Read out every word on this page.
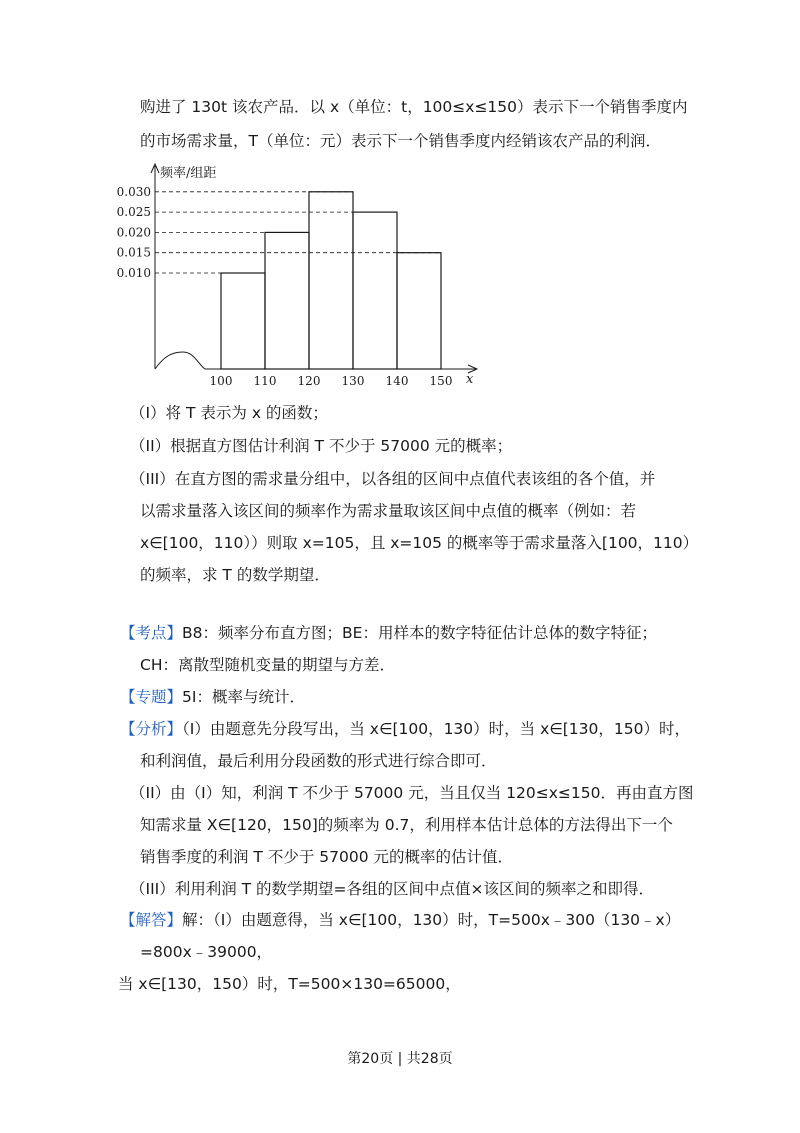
购进了 130t 该农产品．以 x（单位：t，100≤x≤150）表示下一个销售季度内
的市场需求量，T（单位：元）表示下一个销售季度内经销该农产品的利润．
频率/组距
x
0.030
0.025
0.020
0.015
0.010
100 110 120 130 140 150
（I）将 T 表示为 x 的函数；
（II）根据直方图估计利润 T 不少于 57000 元的概率；
（III）在直方图的需求量分组中，以各组的区间中点值代表该组的各个值，并
以需求量落入该区间的频率作为需求量取该区间中点值的概率（例如：若
x∈[100，110））则取 x=105，且 x=105 的概率等于需求量落入[100，110）
的频率，求 T 的数学期望．
【考点】B8：频率分布直方图；BE：用样本的数字特征估计总体的数字特征；
CH：离散型随机变量的期望与方差．
【专题】5I：概率与统计．
【分析】（I）由题意先分段写出，当 x∈[100，130）时，当 x∈[130，150）时，
和利润值，最后利用分段函数的形式进行综合即可．
（II）由（I）知，利润 T 不少于 57000 元，当且仅当 120≤x≤150．再由直方图
知需求量 X∈[120，150]的频率为 0.7，利用样本估计总体的方法得出下一个
销售季度的利润 T 不少于 57000 元的概率的估计值．
（III）利用利润 T 的数学期望=各组的区间中点值×该区间的频率之和即得．
【解答】解：（I）由题意得，当 x∈[100，130）时，T=500x﹣300（130﹣x）
=800x﹣39000，
当 x∈[130，150）时，T=500×130=65000，
第20页 | 共28页
